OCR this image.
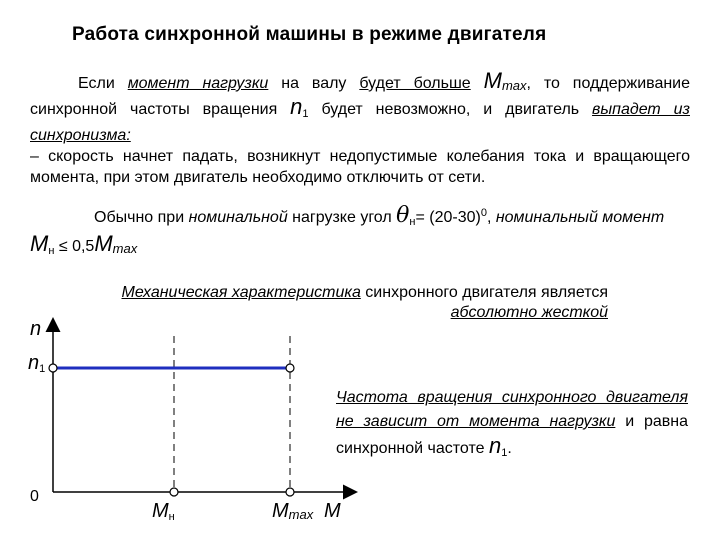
Работа синхронной машины в режиме двигателя
Если момент нагрузки на валу будет больше Mmax, то поддерживание синхронной частоты вращения $n_1$ будет невозможно, и двигатель выпадет из синхронизма:
– скорость начнет падать, возникнут недопустимые колебания тока и вращающего момента, при этом двигатель необходимо отключить от сети.
Обычно при номинальной нагрузке угол $\theta_н= (20-30)^0$, номинальный момент $M_н \le 0,5Mmax$
Механическая характеристика синхронного двигателя является абсолютно жесткой
Частота вращения синхронного двигателя не зависит от момента нагрузки и равна синхронной частоте $n_1$.
n
$n_1$
0
$M_н$	Mmax M
